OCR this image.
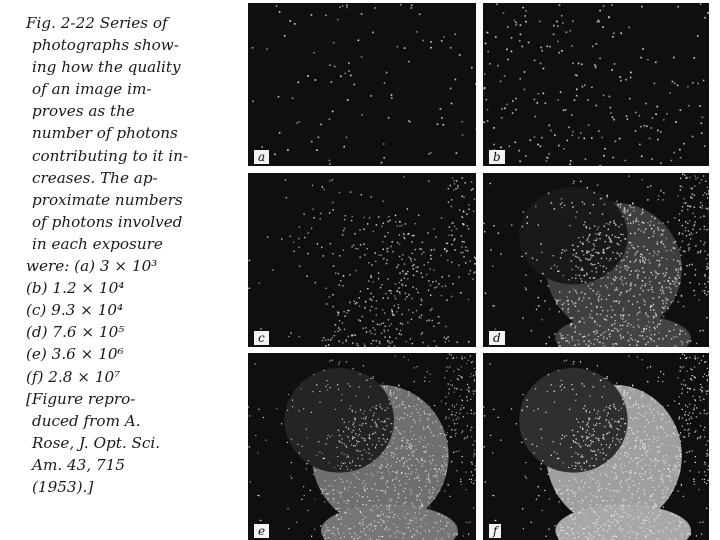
Fig. 2-22 Series of
photographs show-
ing how the quality
of an image im-
proves as the
number of photons
contributing to it in-
creases. The ap-
proximate numbers
of photons involved
in each exposure
were: (a) 3 × 10³
(b) 1.2 × 10⁴
(c) 9.3 × 10⁴
(d) 7.6 × 10⁵
(e) 3.6 × 10⁶
(f) 2.8 × 10⁷
[Figure repro-
duced from A.
Rose, J. Opt. Sci.
Am. 43, 715
(1953).]
a	b
c	d
e	f
